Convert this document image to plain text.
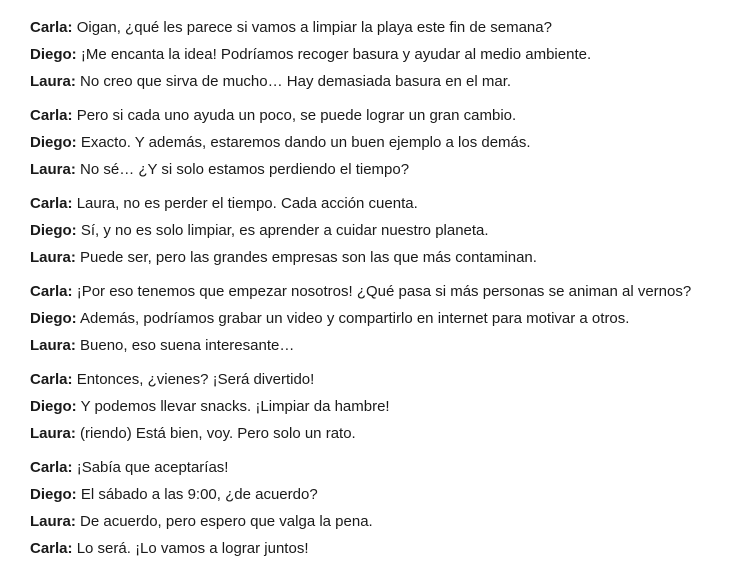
Carla: Oigan, ¿qué les parece si vamos a limpiar la playa este fin de semana?
Diego: ¡Me encanta la idea! Podríamos recoger basura y ayudar al medio ambiente.
Laura: No creo que sirva de mucho… Hay demasiada basura en el mar.
Carla: Pero si cada uno ayuda un poco, se puede lograr un gran cambio.
Diego: Exacto. Y además, estaremos dando un buen ejemplo a los demás.
Laura: No sé… ¿Y si solo estamos perdiendo el tiempo?
Carla: Laura, no es perder el tiempo. Cada acción cuenta.
Diego: Sí, y no es solo limpiar, es aprender a cuidar nuestro planeta.
Laura: Puede ser, pero las grandes empresas son las que más contaminan.
Carla: ¡Por eso tenemos que empezar nosotros! ¿Qué pasa si más personas se animan al vernos?
Diego: Además, podríamos grabar un video y compartirlo en internet para motivar a otros.
Laura: Bueno, eso suena interesante…
Carla: Entonces, ¿vienes? ¡Será divertido!
Diego: Y podemos llevar snacks. ¡Limpiar da hambre!
Laura: (riendo) Está bien, voy. Pero solo un rato.
Carla: ¡Sabía que aceptarías!
Diego: El sábado a las 9:00, ¿de acuerdo?
Laura: De acuerdo, pero espero que valga la pena.
Carla: Lo será. ¡Lo vamos a lograr juntos!
